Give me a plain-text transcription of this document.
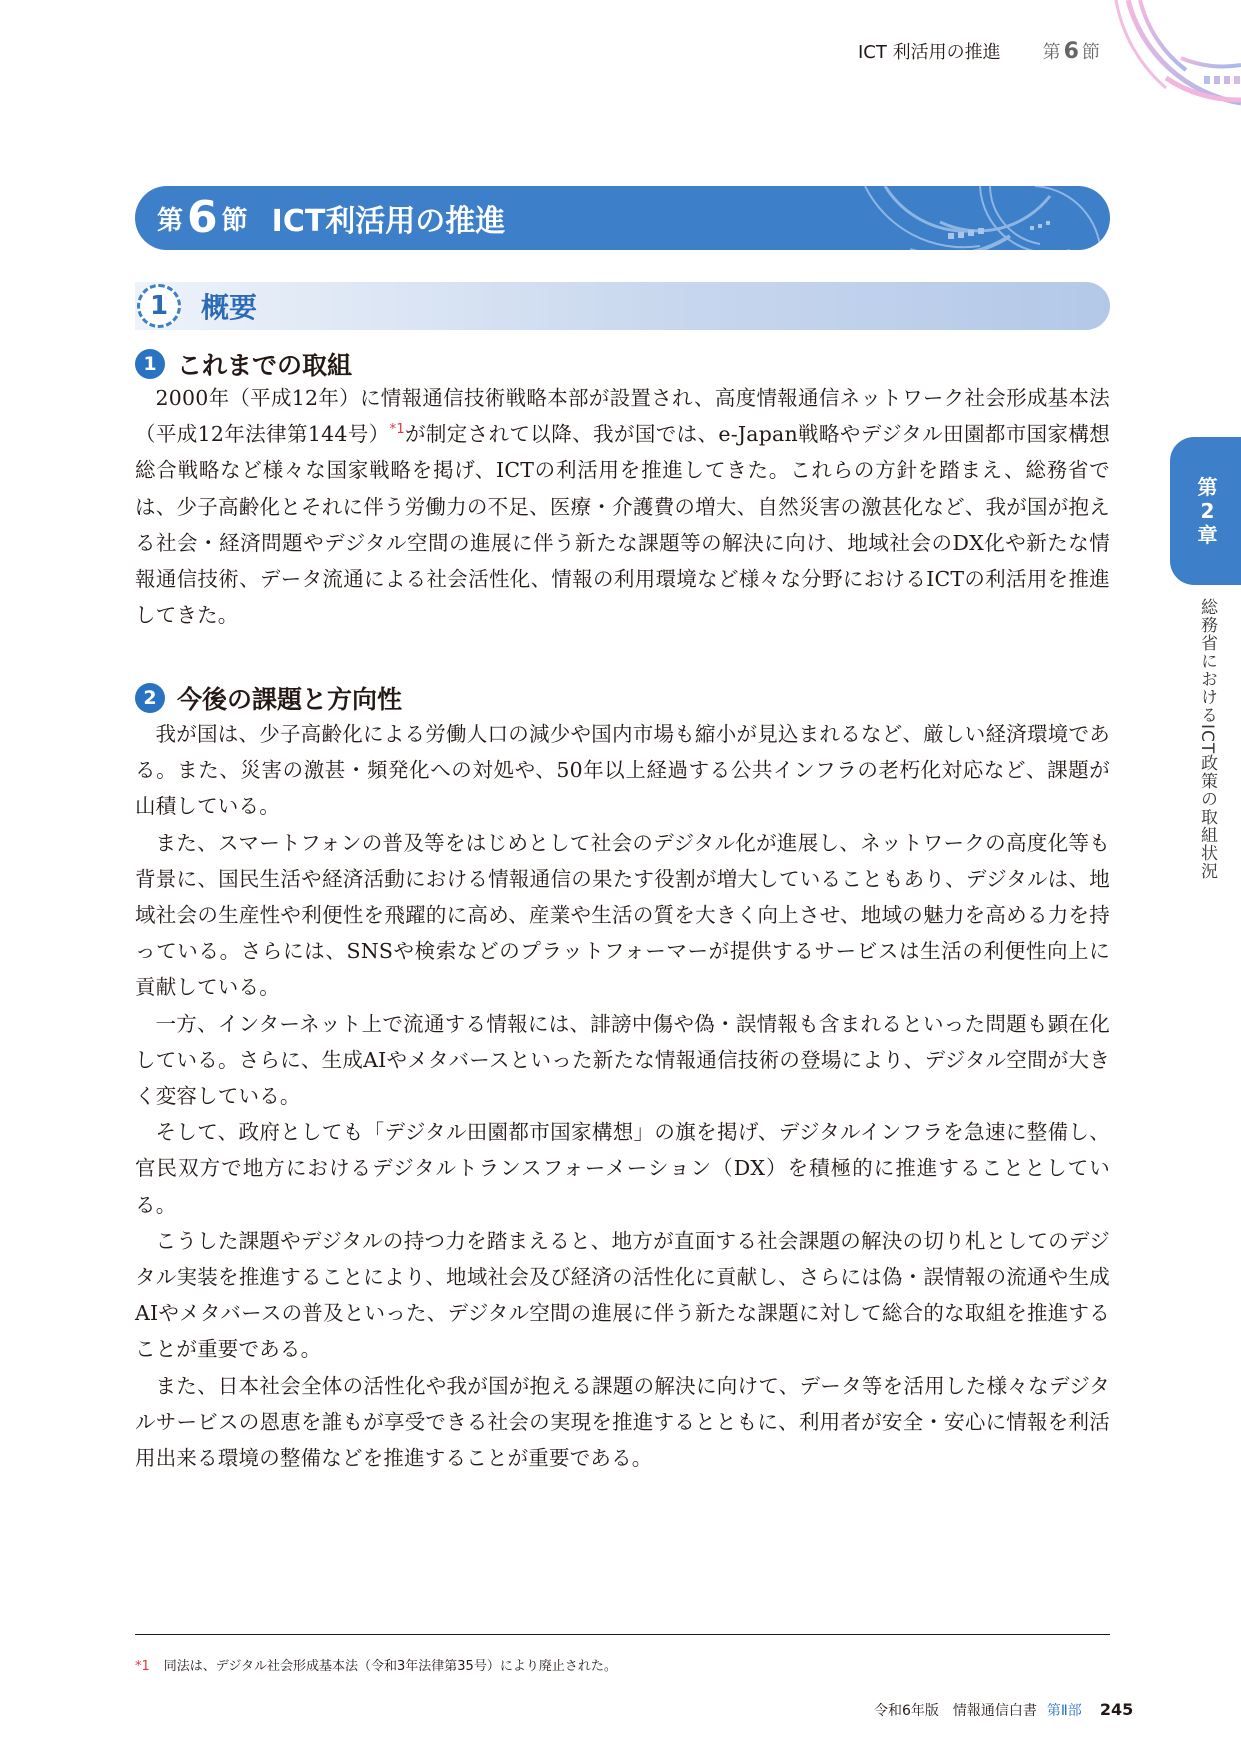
ICT 利活用の推進 第 6 節
第
2
章
総務省におけるICT政策の取組状況
第 6 節 ICT利活用の推進
1	概要
1 これまでの取組

2000年（平成12年）に情報通信技術戦略本部が設置され、高度情報通信ネットワーク社会形成基本法（平成12年法律第144号）$^{*1}$が制定されて以降、我が国では、e-Japan戦略やデジタル田園都市国家構想総合戦略など様々な国家戦略を掲げ、ICTの利活用を推進してきた。これらの方針を踏まえ、総務省では、少子高齢化とそれに伴う労働力の不足、医療・介護費の増大、自然災害の激甚化など、我が国が抱える社会・経済問題やデジタル空間の進展に伴う新たな課題等の解決に向け、地域社会のDX化や新たな情報通信技術、データ流通による社会活性化、情報の利用環境など様々な分野におけるICTの利活用を推進してきた。

2 今後の課題と方向性

我が国は、少子高齢化による労働人口の減少や国内市場も縮小が見込まれるなど、厳しい経済環境である。また、災害の激甚・頻発化への対処や、50年以上経過する公共インフラの老朽化対応など、課題が山積している。

また、スマートフォンの普及等をはじめとして社会のデジタル化が進展し、ネットワークの高度化等も背景に、国民生活や経済活動における情報通信の果たす役割が増大していることもあり、デジタルは、地域社会の生産性や利便性を飛躍的に高め、産業や生活の質を大きく向上させ、地域の魅力を高める力を持っている。さらには、SNSや検索などのプラットフォーマーが提供するサービスは生活の利便性向上に貢献している。

一方、インターネット上で流通する情報には、誹謗中傷や偽・誤情報も含まれるといった問題も顕在化している。さらに、生成AIやメタバースといった新たな情報通信技術の登場により、デジタル空間が大きく変容している。

そして、政府としても「デジタル田園都市国家構想」の旗を掲げ、デジタルインフラを急速に整備し、官民双方で地方におけるデジタルトランスフォーメーション（DX）を積極的に推進することとしている。

こうした課題やデジタルの持つ力を踏まえると、地方が直面する社会課題の解決の切り札としてのデジタル実装を推進することにより、地域社会及び経済の活性化に貢献し、さらには偽・誤情報の流通や生成AIやメタバースの普及といった、デジタル空間の進展に伴う新たな課題に対して総合的な取組を推進することが重要である。

また、日本社会全体の活性化や我が国が抱える課題の解決に向けて、データ等を活用した様々なデジタルサービスの恩恵を誰もが享受できる社会の実現を推進するとともに、利用者が安全・安心に情報を利活用出来る環境の整備などを推進することが重要である。

*1 同法は、デジタル社会形成基本法（令和3年法律第35号）により廃止された。
令和6年版　情報通信白書 第Ⅱ部 245
